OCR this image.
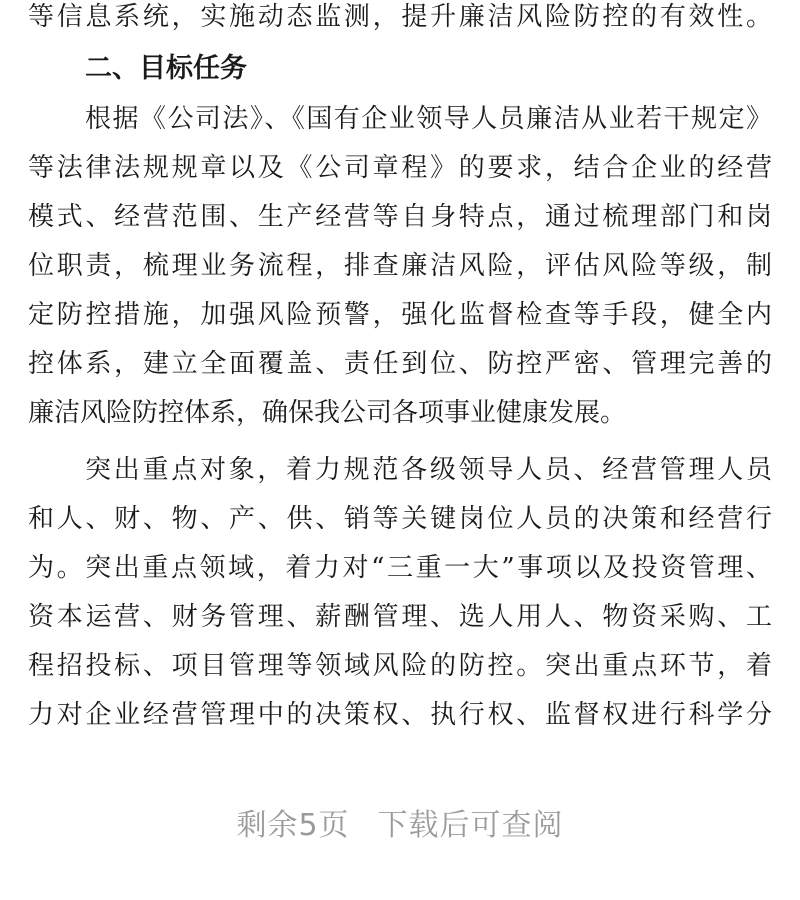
等信息系统，实施动态监测，提升廉洁风险防控的有效性。
二、目标任务
根据《公司法》、《国有企业领导人员廉洁从业若干规定》
等法律法规规章以及《公司章程》的要求，结合企业的经营
模式、经营范围、生产经营等自身特点，通过梳理部门和岗
位职责，梳理业务流程，排查廉洁风险，评估风险等级，制
定防控措施，加强风险预警，强化监督检查等手段，健全内
控体系，建立全面覆盖、责任到位、防控严密、管理完善的
廉洁风险防控体系，确保我公司各项事业健康发展。
突出重点对象，着力规范各级领导人员、经营管理人员
和人、财、物、产、供、销等关键岗位人员的决策和经营行
为。突出重点领域，着力对“三重一大”事项以及投资管理、
资本运营、财务管理、薪酬管理、选人用人、物资采购、工
程招投标、项目管理等领域风险的防控。突出重点环节，着
力对企业经营管理中的决策权、执行权、监督权进行科学分
剩余5页 下载后可查阅
